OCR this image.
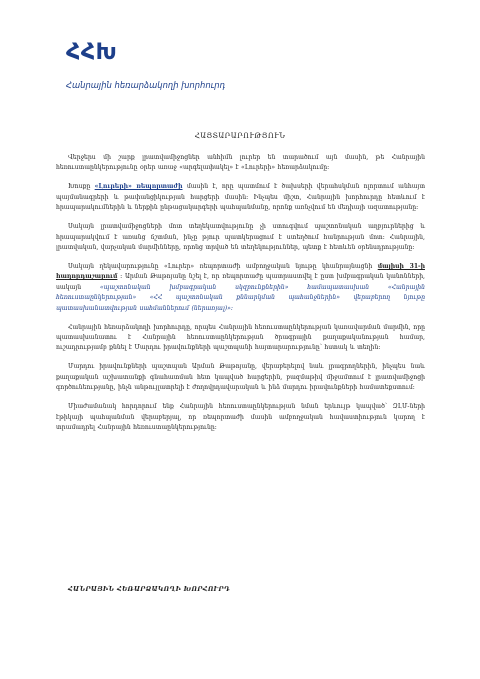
ՀՀԽ
Հանրային հեռարձակողի խորհուրդ
ՀԱՅՏԱՐԱՐՈՒԹՅՈՒՆ

Վերջերս մի շարք լրատվամիջոցներ անհիմն լուրեր են տարածում այն մասին, թե Հանրային հեռուստաընկերությունը օրեր առաջ «արգելափակել» է «Լուրերի» հեռարձակումը:

Խոսքը «Լուրերի» ռեպորտաժի մասին է, որը պատմում է ծախսերի վերահսկման ոլորտում անհայտ պայմանագրերի և թափանցիկության հարցերի մասին: Ինչպես միշտ, Հանրային խորհուրդը հետևում է հրապարակումներին և ներքին ընթացակարգերի պահպանմանը, որոնք առնչվում են մեդիայի ազատությանը:

Սակայն լրատվամիջոցների մոտ տեղեկատվությունը չի ստուգվում պաշտոնական աղբյուրներից և հրապարակվում է առանց ճշտման, ինչը թյուր պատկերացում է ստեղծում հանրության մոտ: Հանրային, լրատվական, վարչական մարմինները, որոնց տրված են տեղեկություններ, պետք է հետևեն օրենսդրությանը:

Սակայն ղեկավարությունը «Լուրեր» ռեպորտաժի ամբողջական նյութը կհանրայնացնի մայիսի 31-ի հաղորդաշարում : Արման Թաթոյանը նշել է, որ ռեպորտաժը պատրաստվել է ըստ խմբագրական կանոնների, սակայն	«պաշտոնական խմբագրական սկզբունքներին» համապատասխան «Հանրային հեռուստաընկերության» «ՀՀ պաշտոնական քննարկման պահանջներին» վերաբերող նյութը պատասխանատվության սահմաններում (ներառյալ)»:

Հանրային հեռարձակողի խորհուրդը, որպես Հանրային հեռուստաընկերության կառավարման մարմին, որը պատասխանատու է Հանրային հեռուստաընկերության ծրագրային քաղաքականության համար, ուշադրությամբ քննել է Մարդու իրավունքների պաշտպանի հայտարարությունը՝ հստակ և տեղին:

Մարդու իրավունքների պաշտպան Արման Թաթոյանը, վերաբերելով նաև լրագրողներին, ինչպես նաև քաղաքական աշխատանքի գնահատման հետ կապված հարցերին, բազմաթիվ միջամտում է լրատվամիջոցի գործունեությանը, ինչն անթույլատրելի է ժողովրդավարական և ինձ մարդու իրավունքների համատեքստում:

Միաժամանակ հորդորում ենք Հանրային հեռուստաընկերության նման երևույթ կապված՝ ԶԼՄ-ների էթիկայի պահպանման վերաբերյալ, որ ռեպորտաժի մասին ամբողջական հավաստիություն կարող է տրամադրել Հանրային հեռուստաընկերությունը:

ՀԱՆՐԱՅԻՆ ՀԵՌԱՐՁԱԿՈՂԻ ԽՈՐՀՈՒՐԴ
